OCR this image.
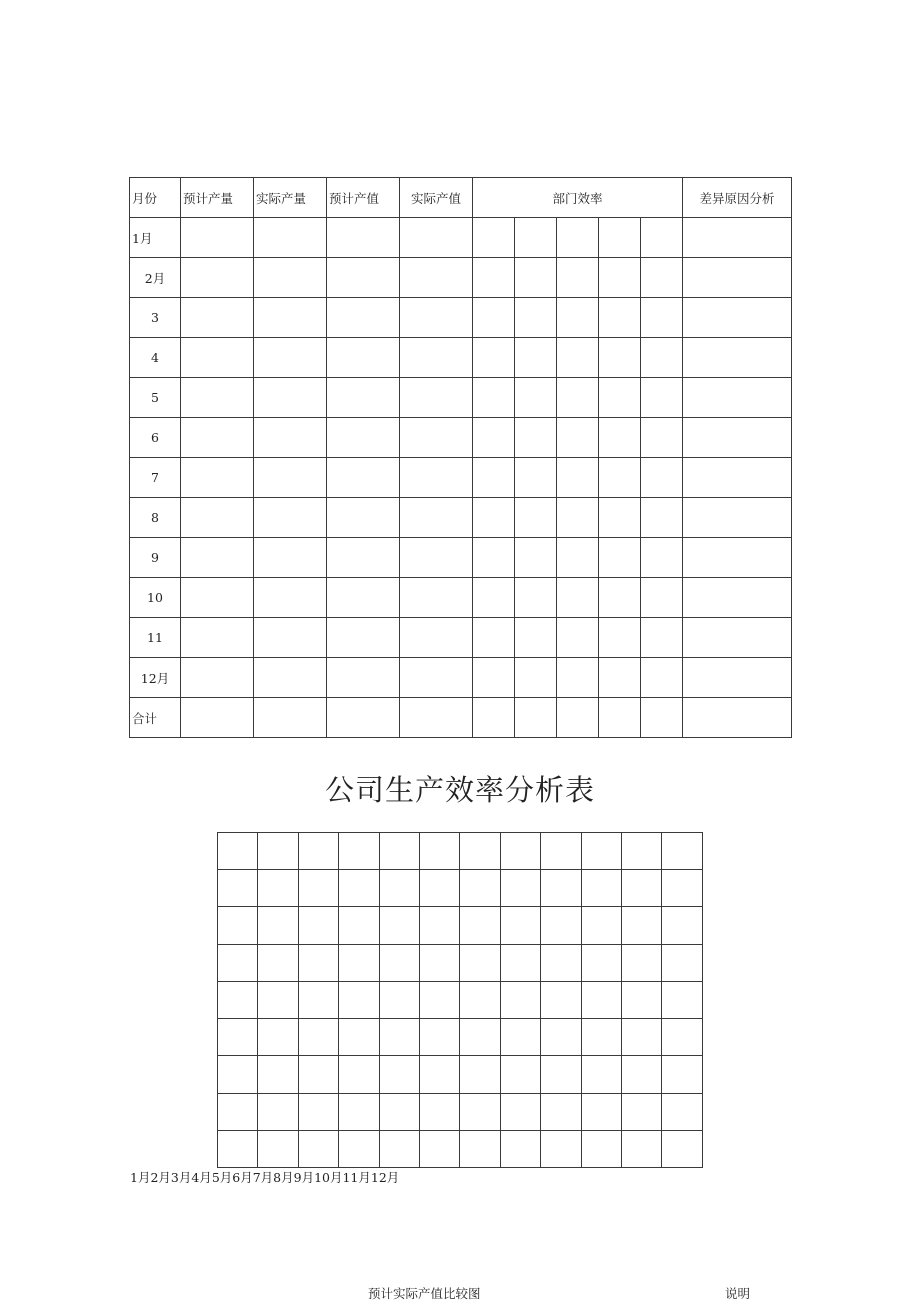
月份	预计产量	实际产量	预计产值	实际产值	部门效率					差异原因分析
1月										
2月										
3										
4										
5										
6										
7										
8										
9										
10										
11										
12月										
合计										
公司生产效率分析表

1月2月3月4月5月6月7月8月9月10月11月12月
预计实际产值比较图	说明
